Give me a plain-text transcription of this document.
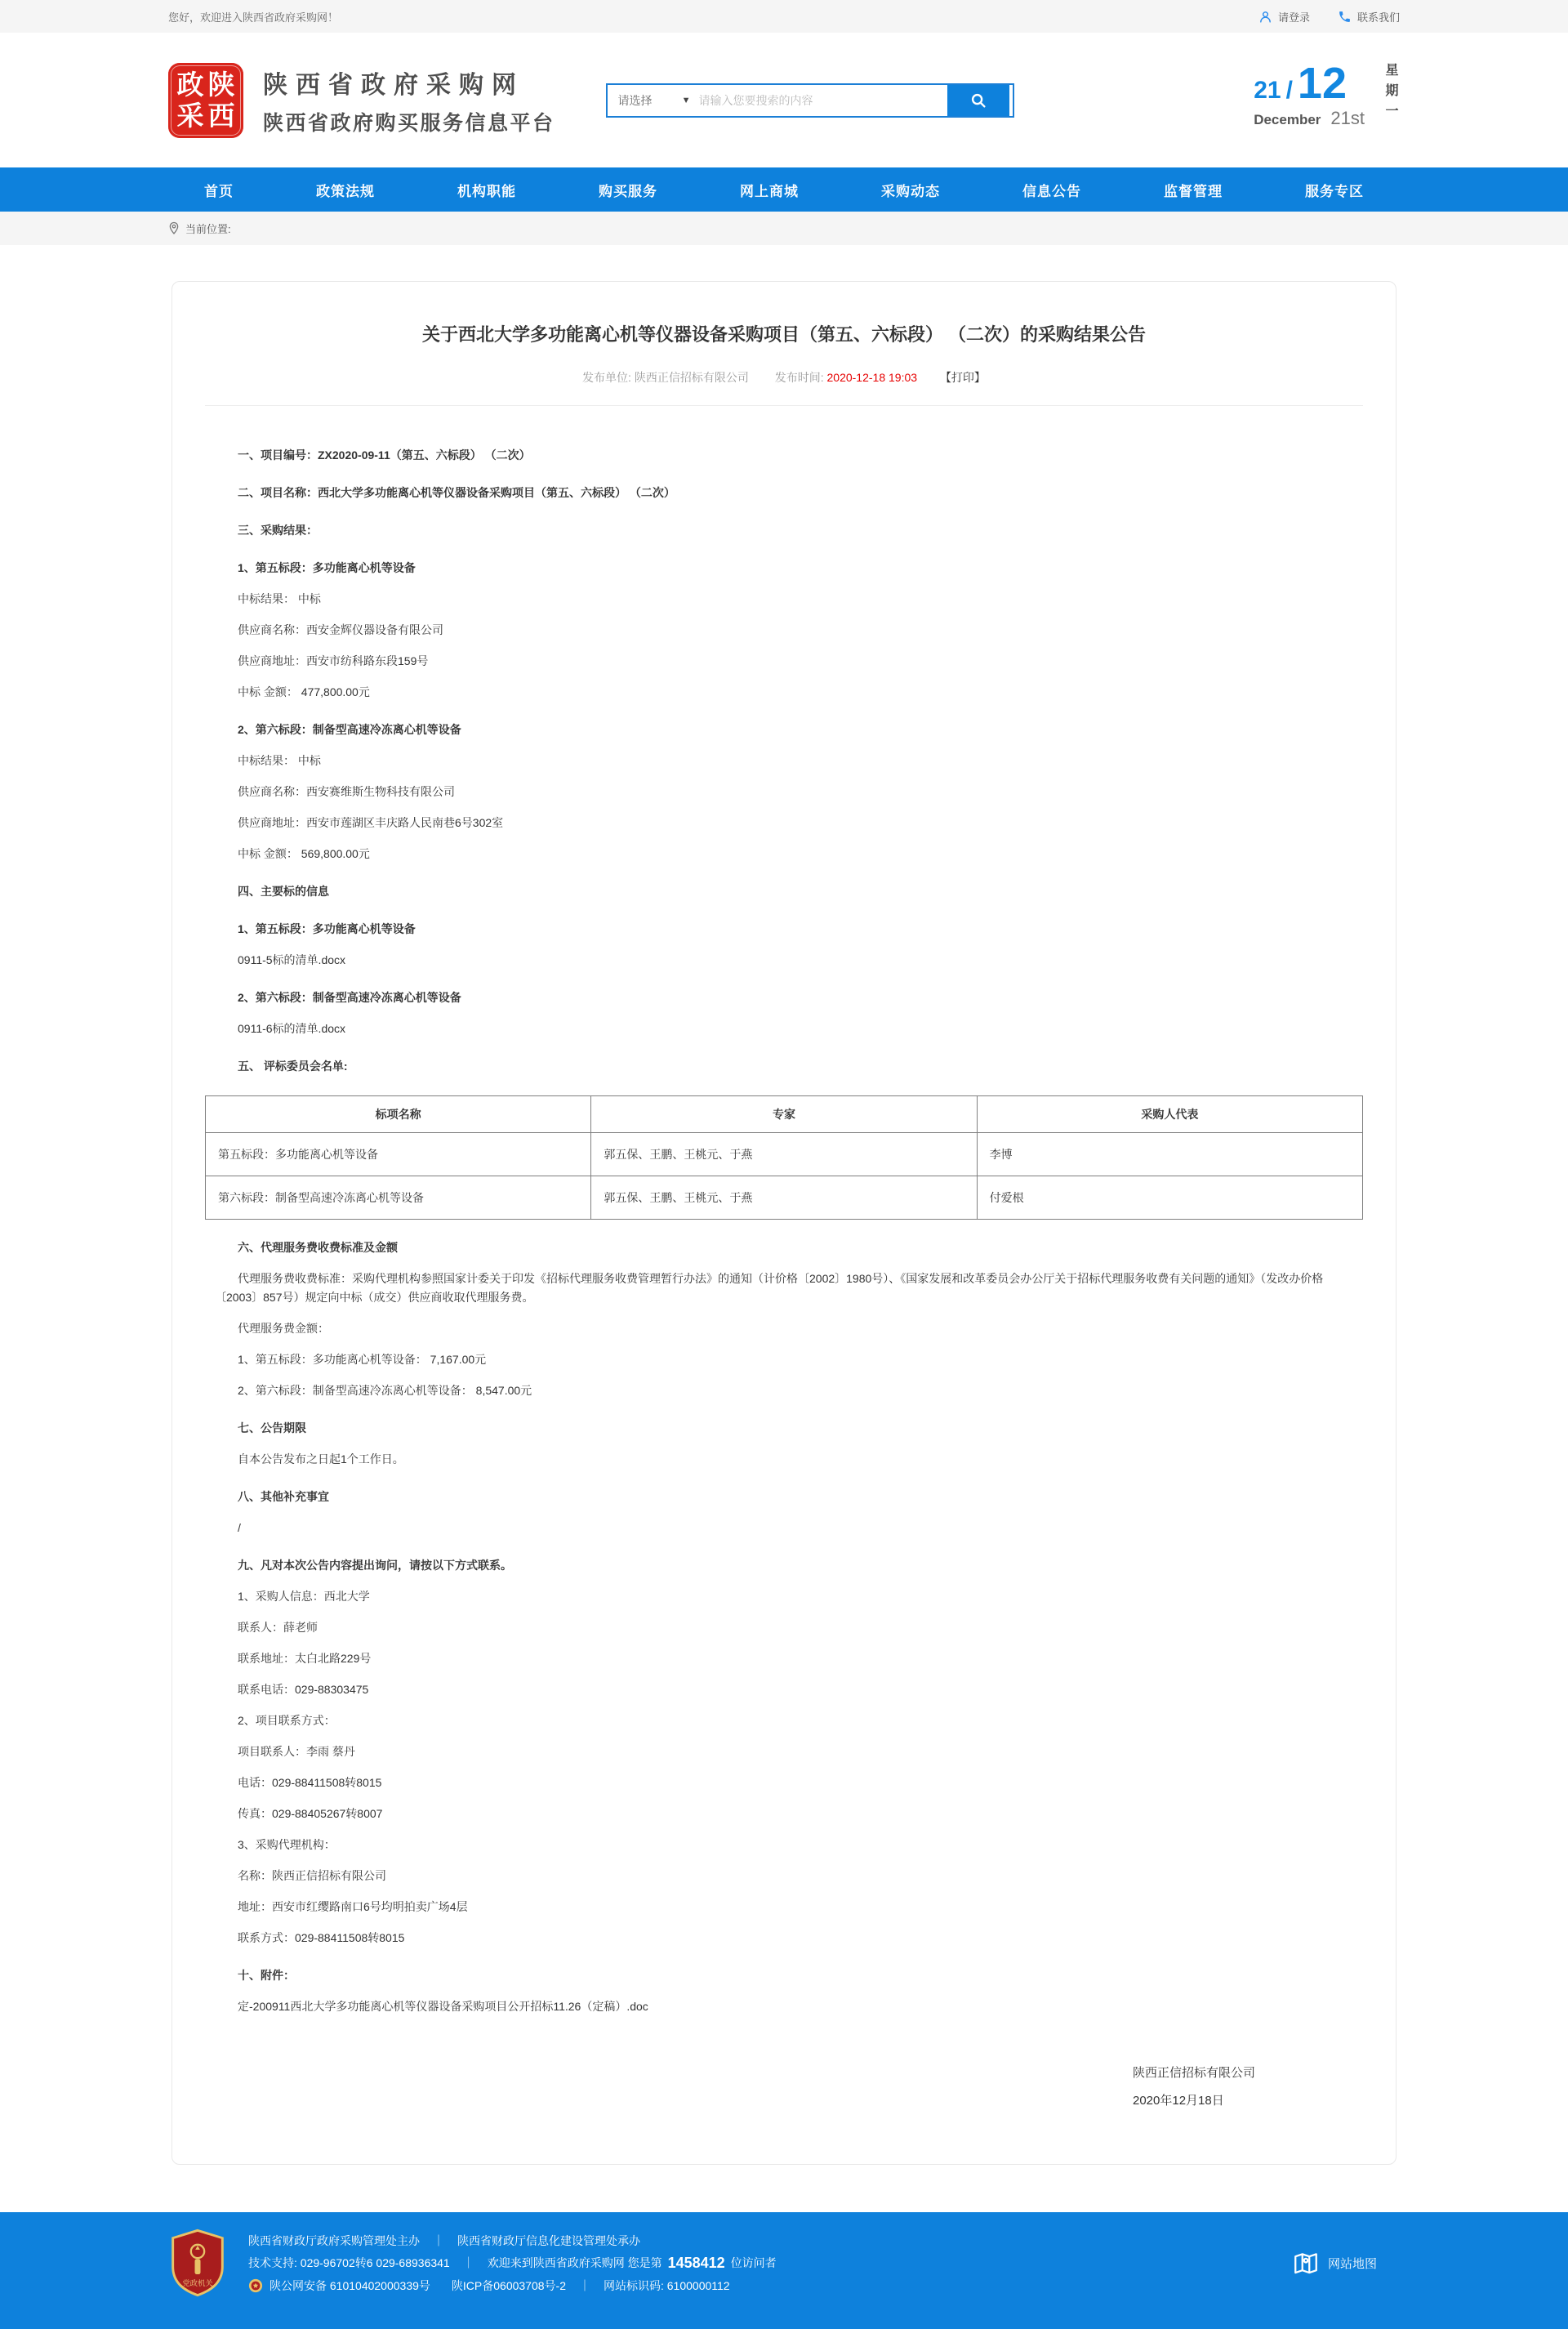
您好，欢迎进入陕西省政府采购网！	请登录	联系我们
政 陕
采 西
陕西省政府采购网
陕西省政府购买服务信息平台
请选择	▼
请输入您要搜索的内容	21 / 12
December 21st 星期一
首页	政策法规	机构职能	购买服务	网上商城	采购动态	信息公告	监督管理	服务专区
当前位置:
关于西北大学多功能离心机等仪器设备采购项目（第五、六标段） （二次）的采购结果公告
发布单位: 陕西正信招标有限公司 发布时间: 2020-12-18 19:03 【打印】

一、项目编号：ZX2020-09-11（第五、六标段） （二次）

二、项目名称：西北大学多功能离心机等仪器设备采购项目（第五、六标段） （二次）

三、采购结果：

1、第五标段：多功能离心机等设备

中标结果： 中标

供应商名称：西安金辉仪器设备有限公司

供应商地址：西安市纺科路东段159号

中标 金额： 477,800.00元

2、第六标段：制备型高速冷冻离心机等设备

中标结果： 中标

供应商名称：西安赛维斯生物科技有限公司

供应商地址：西安市莲湖区丰庆路人民南巷6号302室

中标 金额： 569,800.00元

四、主要标的信息

1、第五标段：多功能离心机等设备

0911-5标的清单.docx

2、第六标段：制备型高速冷冻离心机等设备

0911-6标的清单.docx

五、 评标委员会名单:

标项名称	专家	采购人代表
第五标段：多功能离心机等设备	郭五保、王鹏、王桃元、于燕	李博
第六标段：制备型高速冷冻离心机等设备	郭五保、王鹏、王桃元、于燕	付爱根

六、代理服务费收费标准及金额

代理服务费收费标准：采购代理机构参照国家计委关于印发《招标代理服务收费管理暂行办法》的通知（计价格〔2002〕1980号）、《国家发展和改革委员会办公厅关于招标代理服务收费有关问题的通知》（发改办价格〔2003〕857号）规定向中标（成交）供应商收取代理服务费。

代理服务费金额：

1、第五标段：多功能离心机等设备： 7,167.00元

2、第六标段：制备型高速冷冻离心机等设备： 8,547.00元

七、公告期限

自本公告发布之日起1个工作日。

八、其他补充事宜

/

九、凡对本次公告内容提出询问，请按以下方式联系。

1、采购人信息：西北大学

联系人：薛老师

联系地址：太白北路229号

联系电话：029-88303475

2、项目联系方式：

项目联系人：李雨 蔡丹

电话：029-88411508转8015

传真：029-88405267转8007

3、采购代理机构：

名称：陕西正信招标有限公司

地址：西安市红缨路南口6号均明拍卖广场4层

联系方式：029-88411508转8015

十、附件：

定-200911西北大学多功能离心机等仪器设备采购项目公开招标11.26（定稿）.doc

陕西正信招标有限公司
2020年12月18日
党政机关
陕西省财政厅政府采购管理处主办 ｜ 陕西省财政厅信息化建设管理处承办
技术支持: 029-96702转6 029-68936341 ｜ 欢迎来到陕西省政府采购网 您是第 1458412 位访问者
陕公网安备 61010402000339号 陕ICP备06003708号-2 ｜ 网站标识码: 6100000112
网站地图
